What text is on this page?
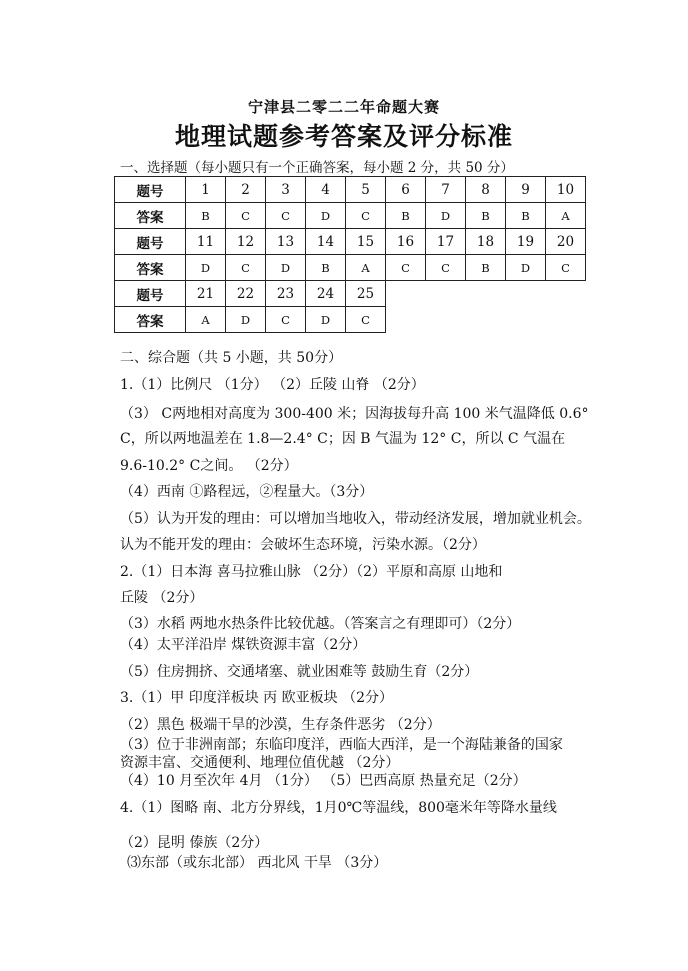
宁津县二零二二年命题大赛
地理试题参考答案及评分标准
一、选择题（每小题只有一个正确答案，每小题 2 分，共 50 分）
题号	1	2	3	4	5	6	7	8	9	10
答案	B	C	C	D	C	B	D	B	B	A
题号	11	12	13	14	15	16	17	18	19	20
答案	D	C	D	B	A	C	C	B	D	C
题号	21	22	23	24	25					
答案	A	D	C	D	C					
二、综合题（共 5 小题，共 50分）
1.（1）比例尺 （1分） （2）丘陵 山脊 （2分）
（3） C两地相对高度为 300-400 米；因海拔每升高 100 米气温降低 0.6°
C，所以两地温差在 1.8—2.4° C；因 B 气温为 12° C，所以 C 气温在
9.6-10.2° C之间。 （2分）
（4）西南 ①路程远，②程量大。（3分）
（5）认为开发的理由：可以增加当地收入，带动经济发展，增加就业机会。
认为不能开发的理由：会破坏生态环境，污染水源。（2分）
2.（1）日本海 喜马拉雅山脉 （2分）（2）平原和高原 山地和
丘陵 （2分）
（3）水稻 两地水热条件比较优越。（答案言之有理即可）（2分）
（4）太平洋沿岸 煤铁资源丰富（2分）
（5）住房拥挤、交通堵塞、就业困难等 鼓励生育（2分）
3.（1）甲 印度洋板块 丙 欧亚板块 （2分）
（2）黑色 极端干旱的沙漠，生存条件恶劣 （2分）
（3）位于非洲南部；东临印度洋，西临大西洋，是一个海陆兼备的国家
资源丰富、交通便利、地理位值优越 （2分）
（4）10 月至次年 4月 （1分） （5）巴西高原 热量充足（2分）
4.（1）图略 南、北方分界线，1月0℃等温线，800毫米年等降水量线
（2）昆明 傣族（2分）
⑶东部（或东北部） 西北风 干旱 （3分）
